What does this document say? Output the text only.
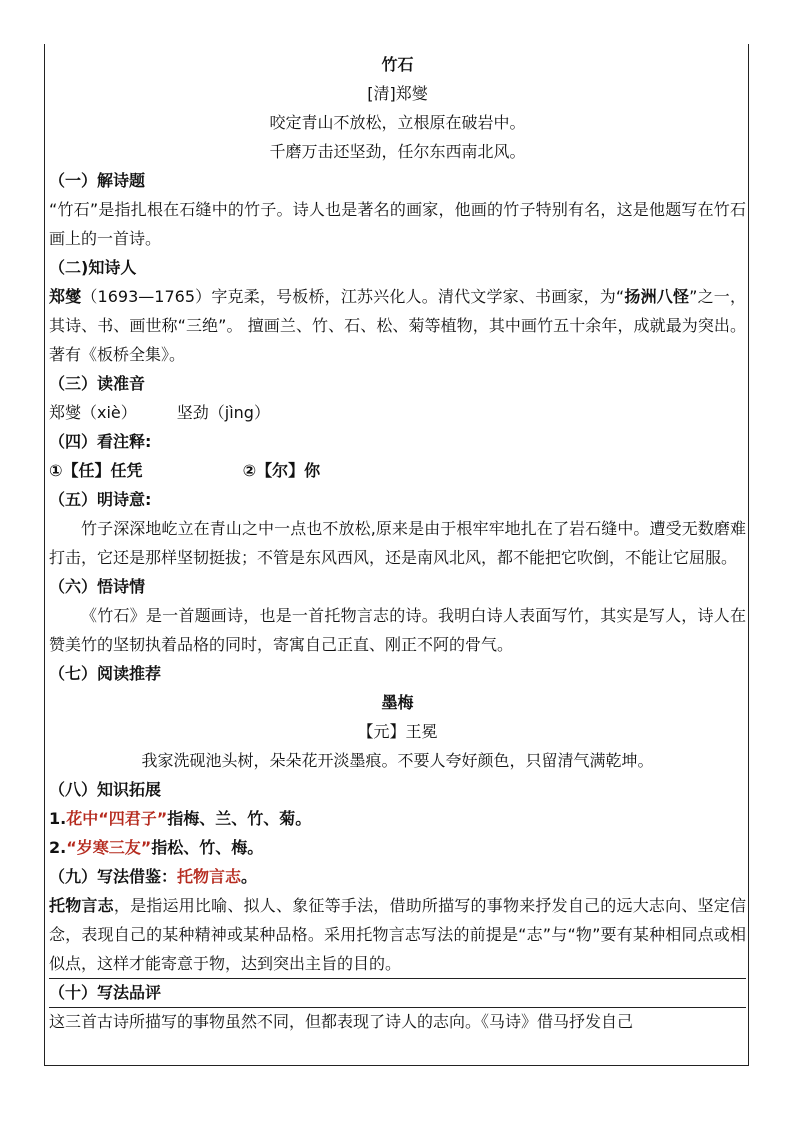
竹石
[清]郑燮
咬定青山不放松，立根原在破岩中。
千磨万击还坚劲，任尔东西南北风。
（一）解诗题
“竹石”是指扎根在石缝中的竹子。诗人也是著名的画家，他画的竹子特别有名，这是他题写在竹石画上的一首诗。
（二)知诗人
郑燮（1693—1765）字克柔，号板桥，江苏兴化人。清代文学家、书画家，为“扬洲八怪”之一，其诗、书、画世称“三绝”。 擅画兰、竹、石、松、菊等植物，其中画竹五十余年，成就最为突出。著有《板桥全集》。
（三）读准音
郑燮（xiè）	坚劲（jìng）
（四）看注释:
①【任】任凭	②【尔】你
（五）明诗意:
竹子深深地屹立在青山之中一点也不放松,原来是由于根牢牢地扎在了岩石缝中。遭受无数磨难打击，它还是那样坚韧挺拔；不管是东风西风，还是南风北风，都不能把它吹倒，不能让它屈服。
（六）悟诗情
《竹石》是一首题画诗，也是一首托物言志的诗。我明白诗人表面写竹，其实是写人，诗人在赞美竹的坚韧执着品格的同时，寄寓自己正直、刚正不阿的骨气。
（七）阅读推荐
墨梅
【元】王冕
我家洗砚池头树，朵朵花开淡墨痕。不要人夸好颜色，只留清气满乾坤。
（八）知识拓展
1.花中“四君子”指梅、兰、竹、菊。
2.“岁寒三友”指松、竹、梅。
（九）写法借鉴：托物言志。
托物言志，是指运用比喻、拟人、象征等手法，借助所描写的事物来抒发自己的远大志向、坚定信念，表现自己的某种精神或某种品格。采用托物言志写法的前提是“志”与“物”要有某种相同点或相似点，这样才能寄意于物，达到突出主旨的目的。
（十）写法品评
这三首古诗所描写的事物虽然不同，但都表现了诗人的志向。《马诗》借马抒发自己
